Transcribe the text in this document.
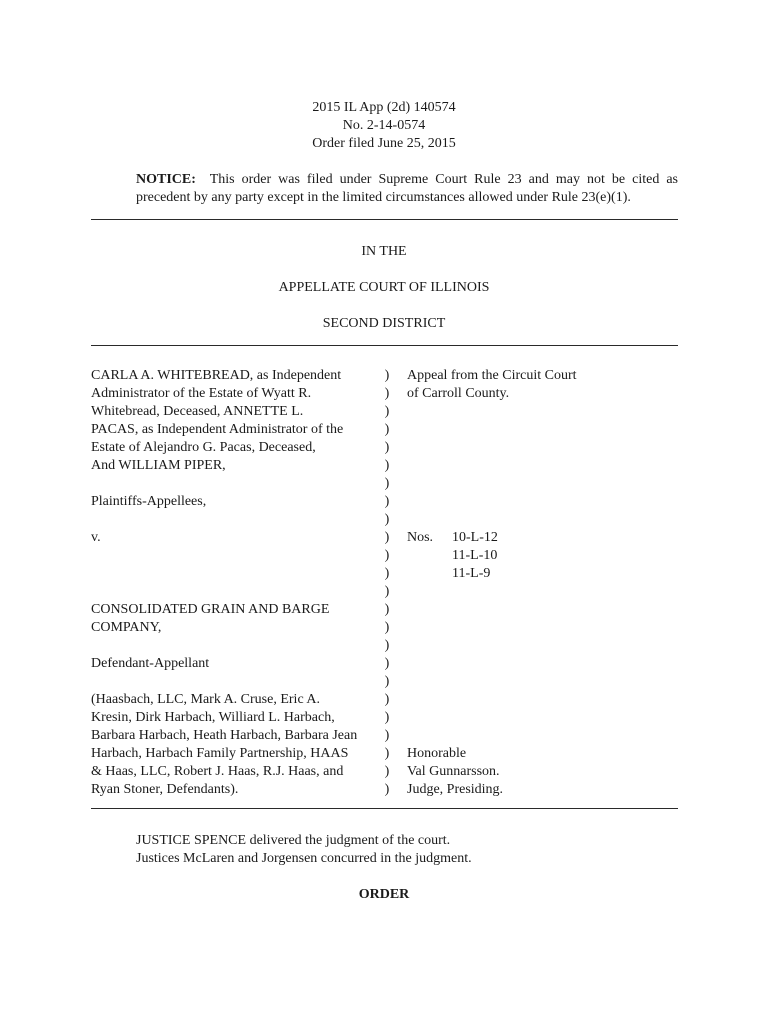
2015 IL App (2d) 140574
No. 2-14-0574
Order filed June 25, 2015
NOTICE: This order was filed under Supreme Court Rule 23 and may not be cited as precedent by any party except in the limited circumstances allowed under Rule 23(e)(1).
IN THE
APPELLATE COURT OF ILLINOIS
SECOND DISTRICT
CARLA A. WHITEBREAD, as Independent
Administrator of the Estate of Wyatt R.
Whitebread, Deceased, ANNETTE L.
PACAS, as Independent Administrator of the
Estate of Alejandro G. Pacas, Deceased,
And WILLIAM PIPER,
Plaintiffs-Appellees,
v.
CONSOLIDATED GRAIN AND BARGE
COMPANY,
Defendant-Appellant
(Haasbach, LLC, Mark A. Cruse, Eric A.
Kresin, Dirk Harbach, Williard L. Harbach,
Barbara Harbach, Heath Harbach, Barbara Jean
Harbach, Harbach Family Partnership, HAAS
& Haas, LLC, Robert J. Haas, R.J. Haas, and
Ryan Stoner, Defendants).
)
)
)
)
)
)
)
)
)
)
)
)
)
)
)
)
)
)
)
)
)
)
)
)
Appeal from the Circuit Court
of Carroll County.
Nos.	10-L-12
11-L-10
11-L-9
Honorable
Val Gunnarsson.
Judge, Presiding.
JUSTICE SPENCE delivered the judgment of the court.
Justices McLaren and Jorgensen concurred in the judgment.
ORDER
